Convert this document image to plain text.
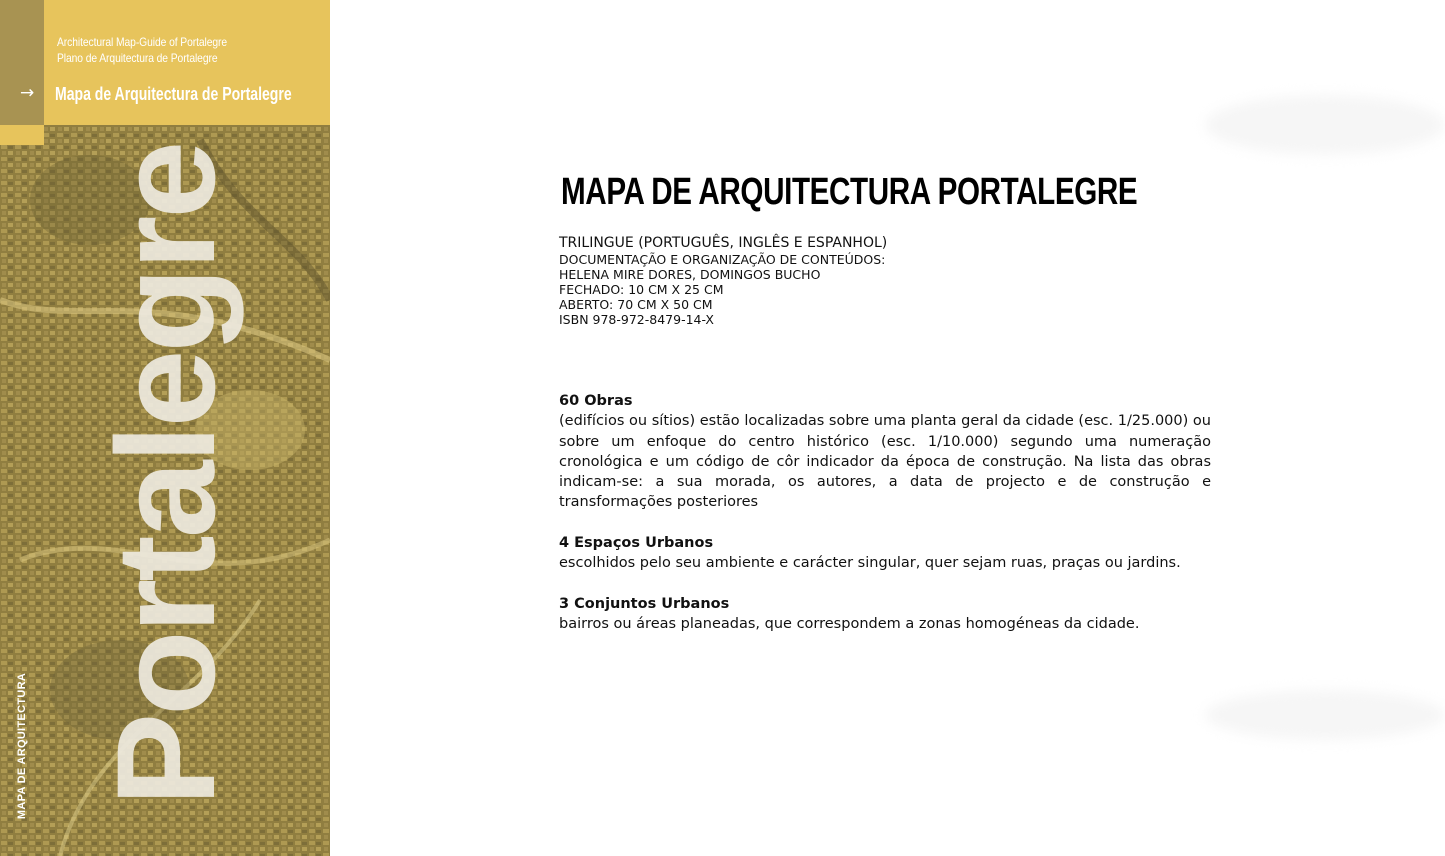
Architectural Map-Guide of Portalegre
Plano de Arquitectura de Portalegre
→ Mapa de Arquitectura de Portalegre
Portalegre
MAPA DE ARQUITECTURA
MAPA DE ARQUITECTURA PORTALEGRE

TRILINGUE (PORTUGUÊS, INGLÊS E ESPANHOL)

DOCUMENTAÇÃO E ORGANIZAÇÃO DE CONTEÚDOS:

HELENA MIRE DORES, DOMINGOS BUCHO

FECHADO: 10 CM X 25 CM

ABERTO: 70 CM X 50 CM

ISBN 978-972-8479-14-X

60 Obras
(edifícios ou sítios) estão localizadas sobre uma planta geral da cidade (esc. 1/25.000) ou sobre um enfoque do centro histórico (esc. 1/10.000) segundo uma numeração cronológica e um código de côr indicador da época de construção. Na lista das obras indicam-se: a sua morada, os autores, a data de projecto e de construção e transformações posteriores
4 Espaços Urbanos
escolhidos pelo seu ambiente e carácter singular, quer sejam ruas, praças ou jardins.
3 Conjuntos Urbanos
bairros ou áreas planeadas, que correspondem a zonas homogéneas da cidade.
